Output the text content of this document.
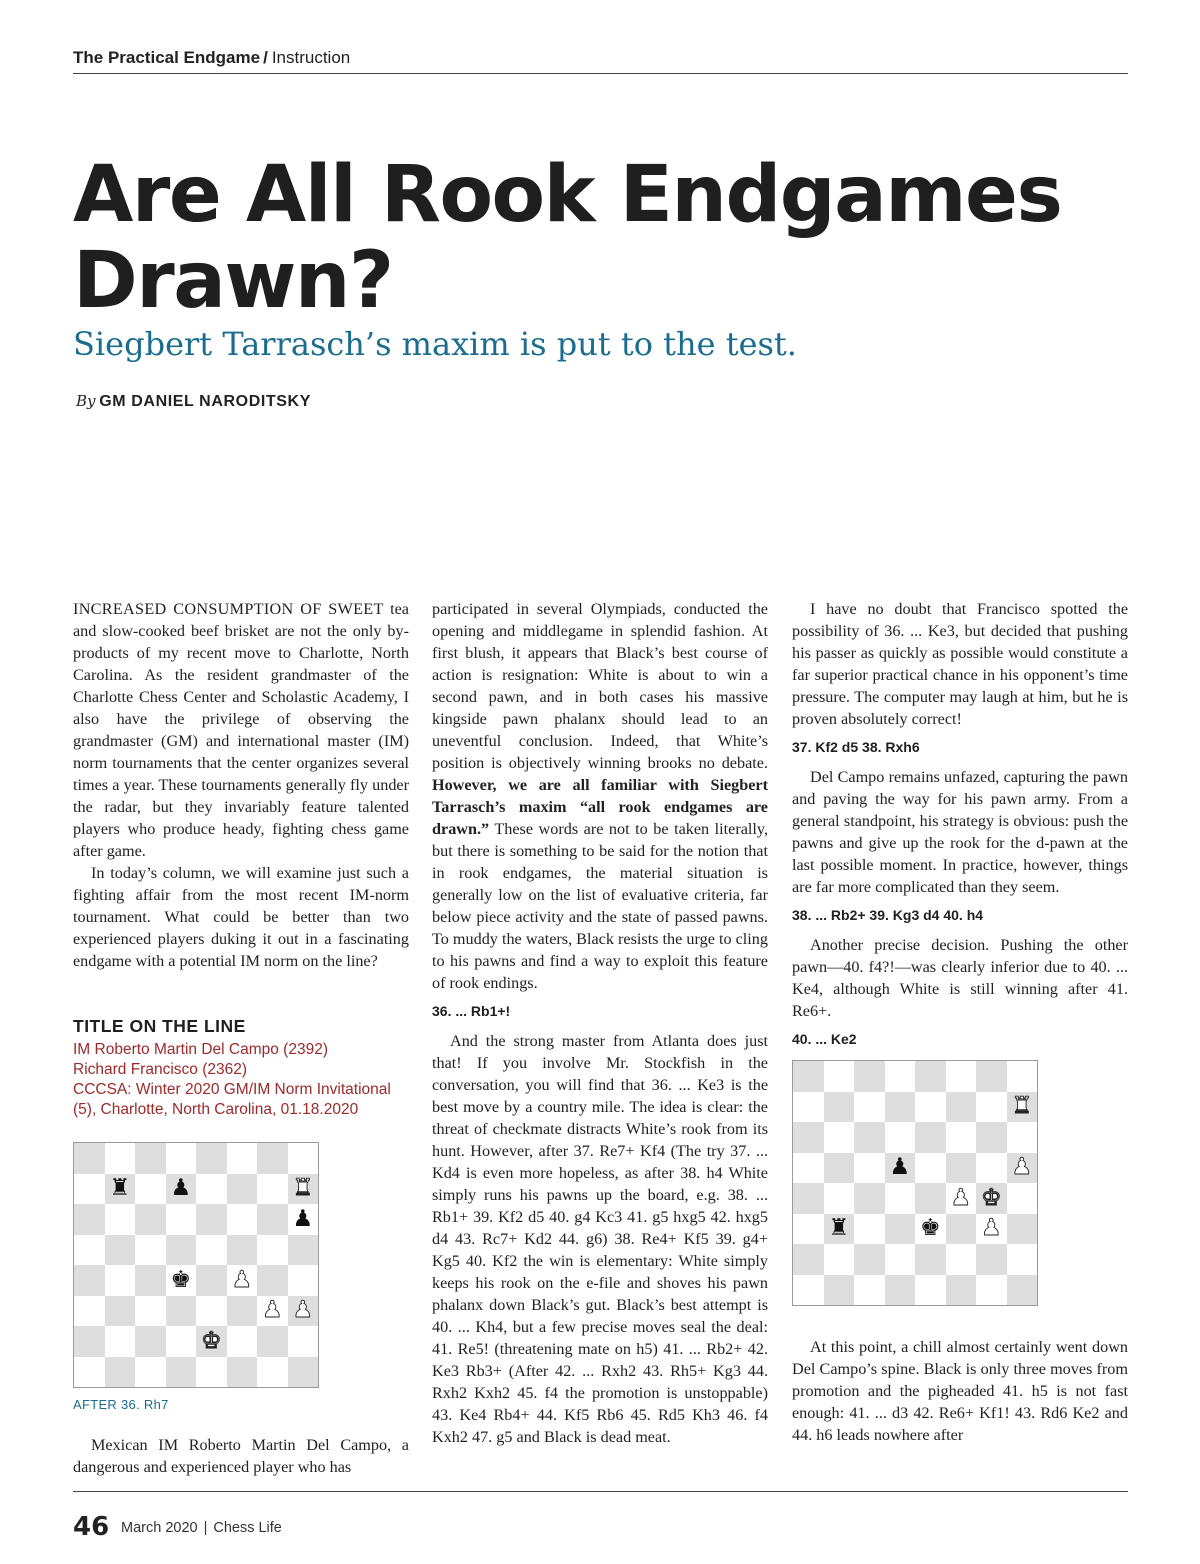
The Practical Endgame / Instruction
Are All Rook Endgames
Drawn?
Siegbert Tarrasch’s maxim is put to the test.
By GM DANIEL NARODITSKY

INCREASED CONSUMPTION OF SWEET tea and slow-cooked beef brisket are not the only by-products of my recent move to Charlotte, North Carolina. As the resident grandmaster of the Charlotte Chess Center and Scholastic Academy, I also have the privilege of observing the grandmaster (GM) and international master (IM) norm tournaments that the center organizes several times a year. These tournaments generally fly under the radar, but they invariably feature talented players who produce heady, fighting chess game after game.

In today’s column, we will examine just such a fighting affair from the most recent IM-norm tournament. What could be better than two experienced players duking it out in a fascinating endgame with a potential IM norm on the line?

TITLE ON THE LINE
IM Roberto Martin Del Campo (2392)
Richard Francisco (2362)
CCCSA: Winter 2020 GM/IM Norm Invitational (5), Charlotte, North Carolina, 01.18.2020
♜ ♟	♜
♟
♚ ♟
♟ ♟
♚
AFTER 36. Rh7

Mexican IM Roberto Martin Del Campo, a dangerous and experienced player who has

participated in several Olympiads, conducted the opening and middlegame in splendid fashion. At first blush, it appears that Black’s best course of action is resignation: White is about to win a second pawn, and in both cases his massive kingside pawn phalanx should lead to an uneventful conclusion. Indeed, that White’s position is objectively winning brooks no debate. However, we are all familiar with Siegbert Tarrasch’s maxim “all rook endgames are drawn.” These words are not to be taken literally, but there is something to be said for the notion that in rook endgames, the material situation is generally low on the list of evaluative criteria, far below piece activity and the state of passed pawns. To muddy the waters, Black resists the urge to cling to his pawns and find a way to exploit this feature of rook endings.

36. ... Rb1+!

And the strong master from Atlanta does just that! If you involve Mr. Stockfish in the conversation, you will find that 36. ... Ke3 is the best move by a country mile. The idea is clear: the threat of checkmate distracts White’s rook from its hunt. However, after 37. Re7+ Kf4 (The try 37. ... Kd4 is even more hopeless, as after 38. h4 White simply runs his pawns up the board, e.g. 38. ... Rb1+ 39. Kf2 d5 40. g4 Kc3 41. g5 hxg5 42. hxg5 d4 43. Rc7+ Kd2 44. g6) 38. Re4+ Kf5 39. g4+ Kg5 40. Kf2 the win is elementary: White simply keeps his rook on the e-file and shoves his pawn phalanx down Black’s gut. Black’s best attempt is 40. ... Kh4, but a few precise moves seal the deal: 41. Re5! (threatening mate on h5) 41. ... Rb2+ 42. Ke3 Rb3+ (After 42. ... Rxh2 43. Rh5+ Kg3 44. Rxh2 Kxh2 45. f4 the promotion is unstoppable) 43. Ke4 Rb4+ 44. Kf5 Rb6 45. Rd5 Kh3 46. f4 Kxh2 47. g5 and Black is dead meat.

I have no doubt that Francisco spotted the possibility of 36. ... Ke3, but decided that pushing his passer as quickly as possible would constitute a far superior practical chance in his opponent’s time pressure. The computer may laugh at him, but he is proven absolutely correct!

37. Kf2 d5 38. Rxh6

Del Campo remains unfazed, capturing the pawn and paving the way for his pawn army. From a general standpoint, his strategy is obvious: push the pawns and give up the rook for the d-pawn at the last possible moment. In practice, however, things are far more complicated than they seem.

38. ... Rb2+ 39. Kg3 d4 40. h4

Another precise decision. Pushing the other pawn—40. f4?!—was clearly inferior due to 40. ... Ke4, although White is still winning after 41. Re6+.

40. ... Ke2
♜
♟	♟
♟ ♚
♜	♚ ♟

At this point, a chill almost certainly went down Del Campo’s spine. Black is only three moves from promotion and the pigheaded 41. h5 is not fast enough: 41. ... d3 42. Re6+ Kf1! 43. Rd6 Ke2 and 44. h6 leads nowhere after

46 March 2020 | Chess Life
